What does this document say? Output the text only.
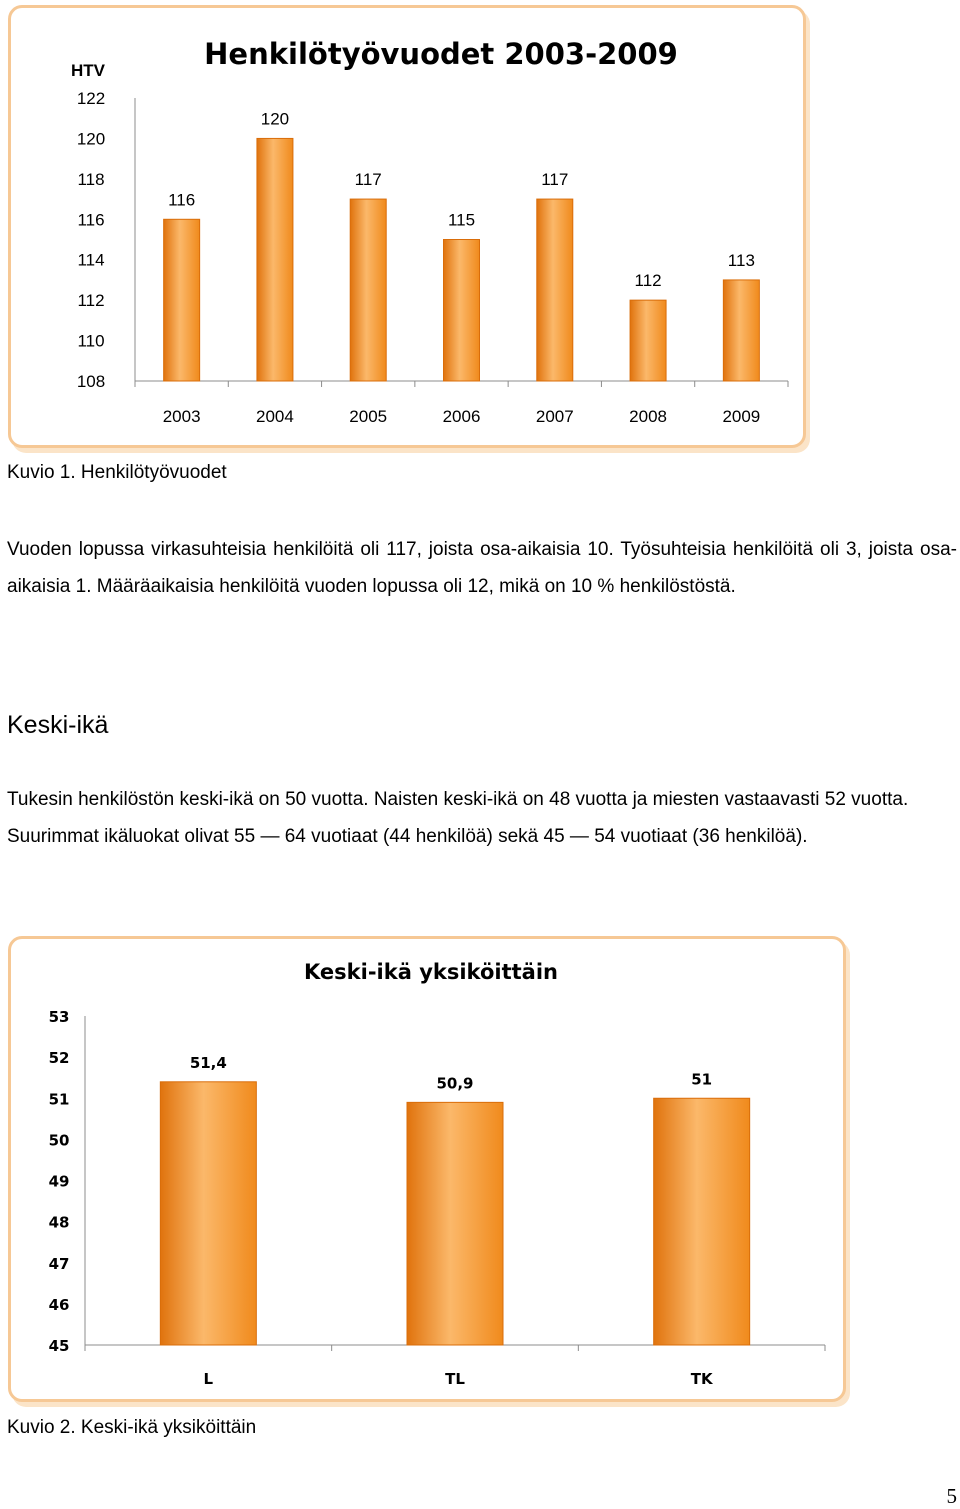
Henkilötyövuodet 2003-2009
HTV
108
110
112
114
116
118
120
122
116
2003
120
2004
117
2005
115
2006
117
2007
112
2008
113
2009

Kuvio 1. Henkilötyövuodet

Vuoden lopussa virkasuhteisia henkilöitä oli 117, joista osa-aikaisia 10. Työsuhteisia henkilöitä oli 3, joista osa-aikaisia 1. Määräaikaisia henkilöitä vuoden lopussa oli 12, mikä on 10 % henkilöstöstä.

Keski-ikä

Tukesin henkilöstön keski-ikä on 50 vuotta. Naisten keski-ikä on 48 vuotta ja miesten vastaavasti 52 vuotta. Suurimmat ikäluokat olivat 55 ― 64 vuotiaat (44 henkilöä) sekä 45 ― 54 vuotiaat (36 henkilöä).

Keski-ikä yksiköittäin
45
46
47
48
49
50
51
52
53
51,4
L
50,9
TL
51
TK

Kuvio 2. Keski-ikä yksiköittäin

5
